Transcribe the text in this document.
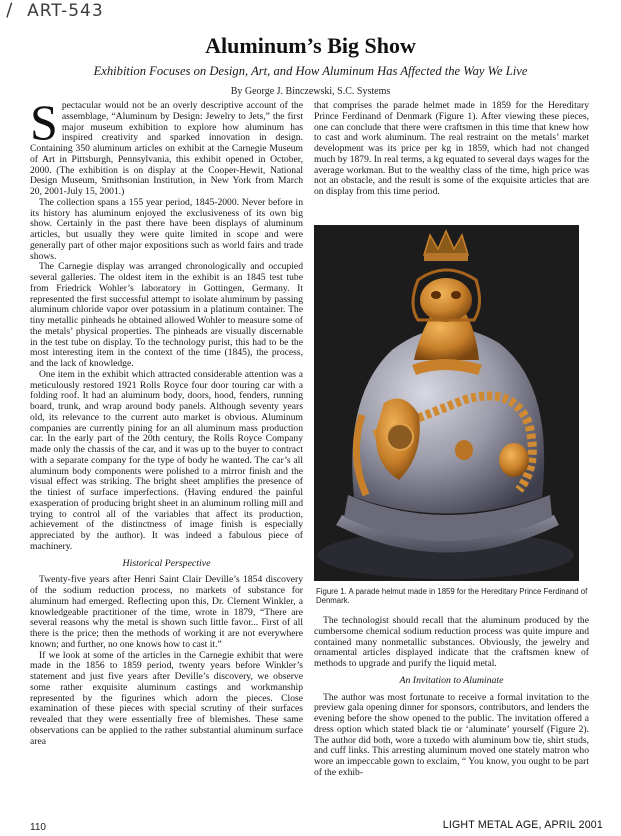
\ ART-543
Aluminum’s Big Show
Exhibition Focuses on Design, Art, and How Aluminum Has Affected the Way We Live
By George J. Binczewski, S.C. Systems

Spectacular would not be an overly descriptive account of the assemblage, “Aluminum by Design: Jewelry to Jets,” the first major museum exhibition to explore how aluminum has inspired creativity and sparked innovation in design. Containing 350 aluminum articles on exhibit at the Carnegie Museum of Art in Pittsburgh, Pennsylvania, this exhibit opened in October, 2000. (The exhibition is on display at the Cooper-Hewit, National Design Museum, Smithsonian Institution, in New York from March 20, 2001-July 15, 2001.)

The collection spans a 155 year period, 1845-2000. Never before in its history has aluminum enjoyed the exclusiveness of its own big show. Certainly in the past there have been displays of aluminum articles, but usually they were quite limited in scope and were generally part of other major expositions such as world fairs and trade shows.

The Carnegie display was arranged chronologically and occupied several galleries. The oldest item in the exhibit is an 1845 test tube from Friedrick Wohler’s laboratory in Gottingen, Germany. It represented the first successful attempt to isolate aluminum by passing aluminum chloride vapor over potassium in a platinum container. The tiny metallic pinheads he obtained allowed Wohler to measure some of the metals’ physical properties. The pinheads are visually discernable in the test tube on display. To the technology purist, this had to be the most interesting item in the context of the time (1845), the process, and the lack of knowledge.

One item in the exhibit which attracted considerable attention was a meticulously restored 1921 Rolls Royce four door touring car with a folding roof. It had an aluminum body, doors, hood, fenders, running board, trunk, and wrap around body panels. Although seventy years old, its relevance to the current auto market is obvious. Aluminum companies are currently pining for an all aluminum mass production car. In the early part of the 20th century, the Rolls Royce Company made only the chassis of the car, and it was up to the buyer to contract with a separate company for the type of body he wanted. The car’s all aluminum body components were polished to a mirror finish and the visual effect was striking. The bright sheet amplifies the presence of the tiniest of surface imperfections. (Having endured the painful exasperation of producing bright sheet in an aluminum rolling mill and trying to control all of the variables that affect its production, achievement of the distinctness of image finish is especially appreciated by the author). It was indeed a fabulous piece of machinery.

Historical Perspective

Twenty-five years after Henri Saint Clair Deville’s 1854 discovery of the sodium reduction process, no markets of substance for aluminum had emerged. Reflecting upon this, Dr. Clement Winkler, a knowledgeable practitioner of the time, wrote in 1879, “There are several reasons why the metal is shown such little favor... First of all there is the price; then the methods of working it are not everywhere known; and further, no one knows how to cast it.”

If we look at some of the articles in the Carnegie exhibit that were made in the 1856 to 1859 period, twenty years before Winkler’s statement and just five years after Deville’s discovery, we observe some rather exquisite aluminum castings and workmanship represented by the figurines which adorn the pieces. Close examination of these pieces with special scrutiny of their surfaces revealed that they were essentially free of blemishes. These same observations can be applied to the rather substantial aluminum surface area

that comprises the parade helmet made in 1859 for the Hereditary Prince Ferdinand of Denmark (Figure 1). After viewing these pieces, one can conclude that there were craftsmen in this time that knew how to cast and work aluminum. The real restraint on the metals’ market development was its price per kg in 1859, which had not changed much by 1879. In real terms, a kg equated to several days wages for the average workman. But to the wealthy class of the time, high price was not an obstacle, and the result is some of the exquisite articles that are on display from this time period.

Figure 1. A parade helmut made in 1859 for the Hereditary Prince Ferdinand of Denmark.

The technologist should recall that the aluminum produced by the cumbersome chemical sodium reduction process was quite impure and contained many nonmetallic substances. Obviously, the jewelry and ornamental articles displayed indicate that the craftsmen knew of methods to upgrade and purify the liquid metal.

An Invitation to Aluminate

The author was most fortunate to receive a formal invitation to the preview gala opening dinner for sponsors, contributors, and lenders the evening before the show opened to the public. The invitation offered a dress option which stated black tie or ‘aluminate’ yourself (Figure 2). The author did both, wore a tuxedo with aluminum bow tie, shirt studs, and cuff links. This arresting aluminum moved one stately matron who wore an impeccable gown to exclaim, “ You know, you ought to be part of the exhib-

110	LIGHT METAL AGE, APRIL 2001
